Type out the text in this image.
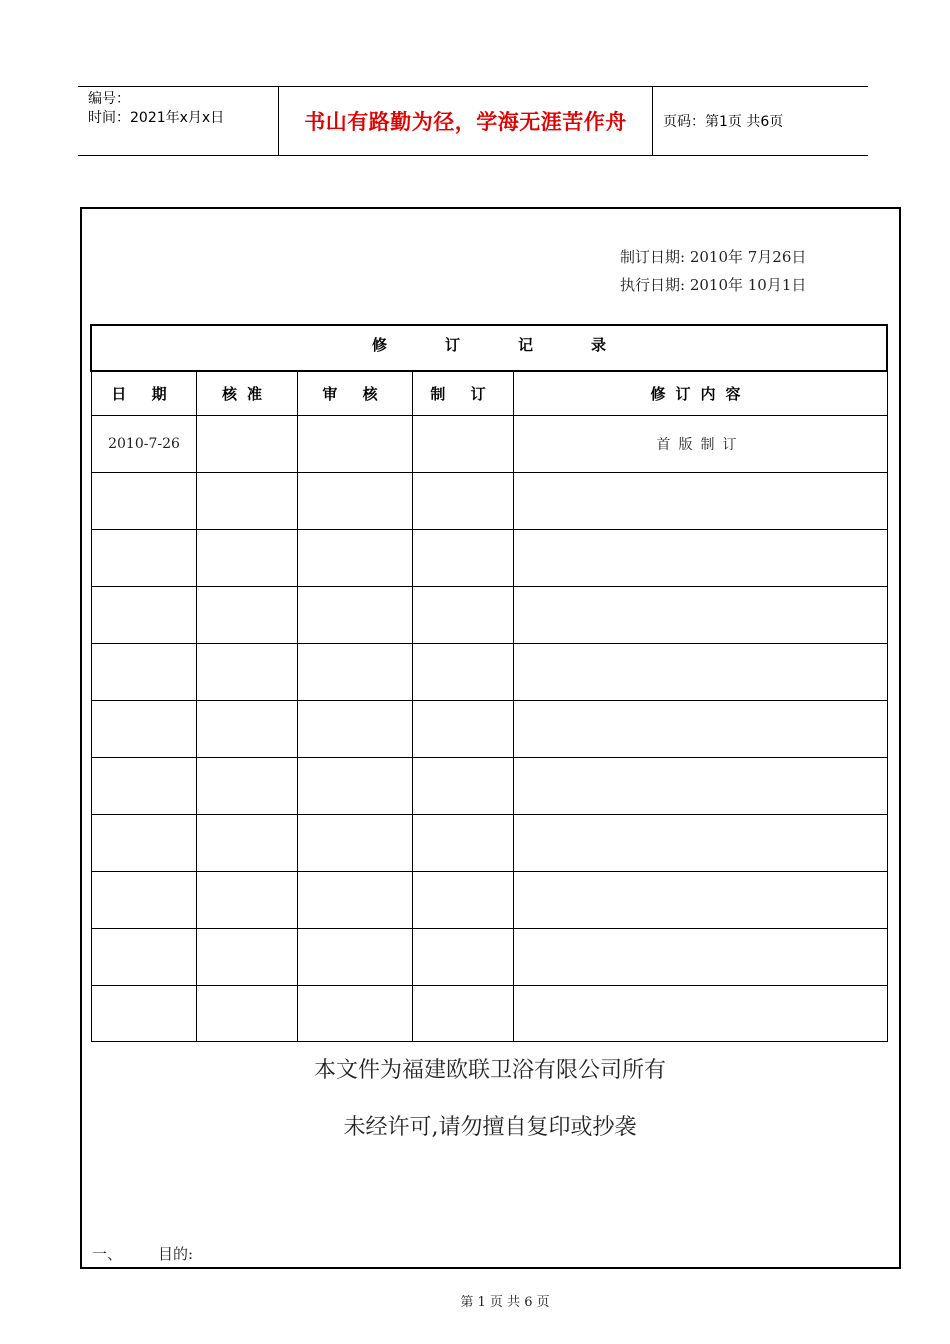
编号：
时间：2021年x月x日	书山有路勤为径，学海无涯苦作舟	页码：第1页 共6页
制订日期: 2010年 7月26日
执行日期: 2010年 10月1日
修订记录
日 期	核准	审 核	制 订	修订内容
2010-7-26				首版制订

本文件为福建欧联卫浴有限公司所有
未经许可,请勿擅自复印或抄袭
一、 目的:
第 1 页 共 6 页
